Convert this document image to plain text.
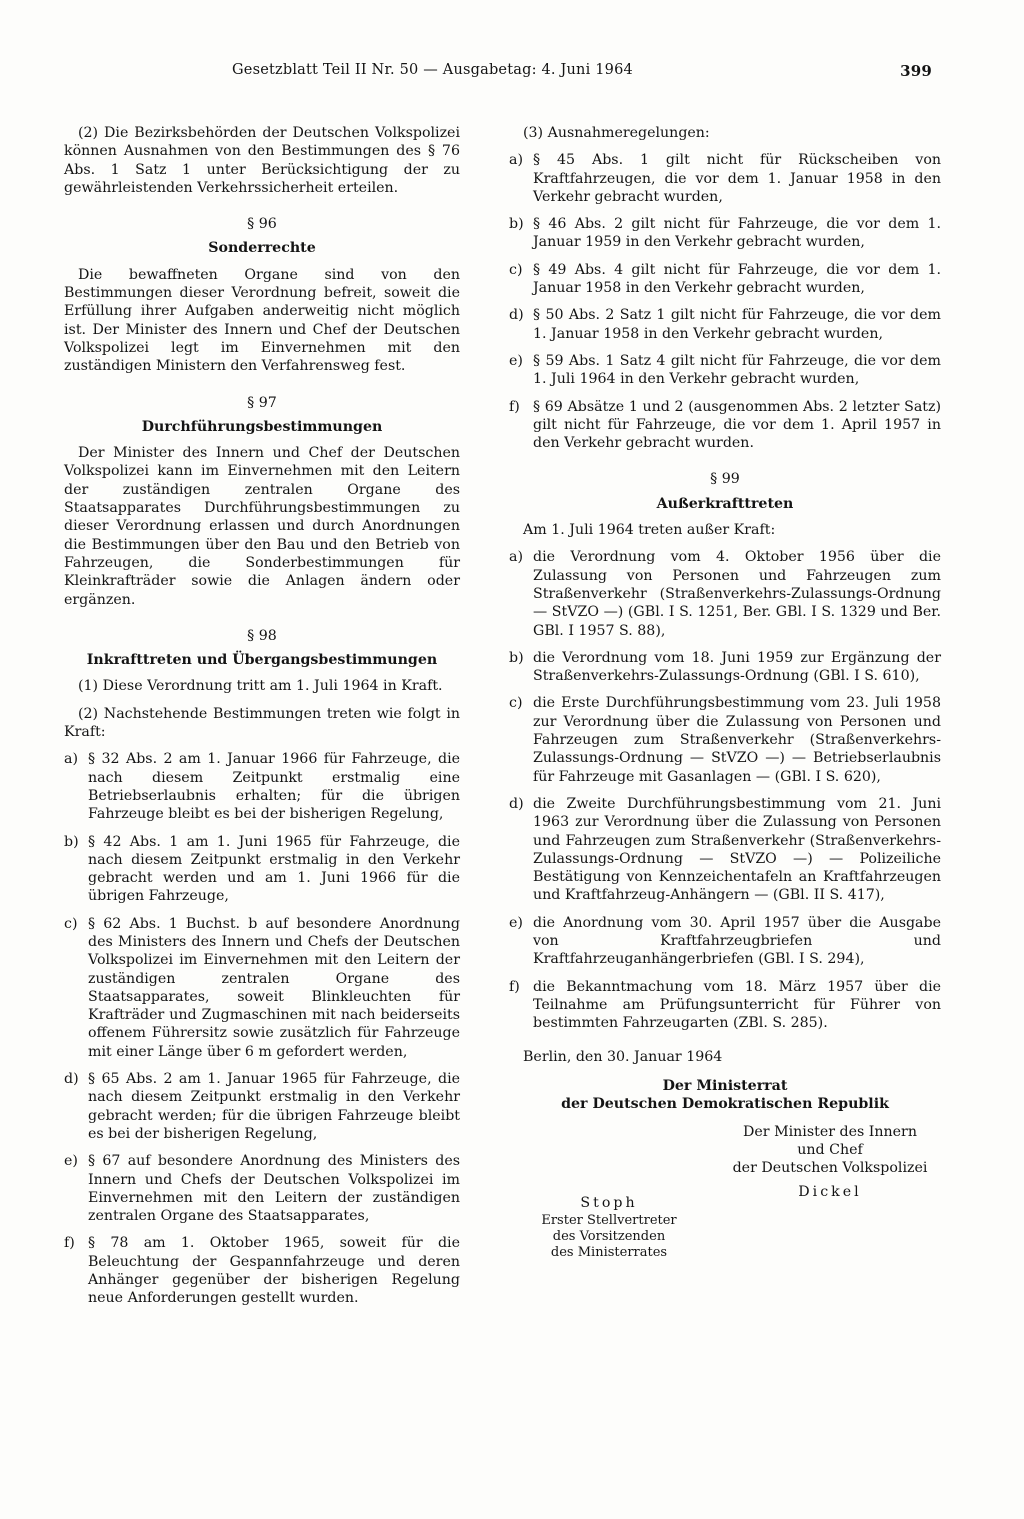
Gesetzblatt Teil II Nr. 50 — Ausgabetag: 4. Juni 1964	399

(2) Die Bezirksbehörden der Deutschen Volkspolizei können Ausnahmen von den Bestimmungen des § 76 Abs. 1 Satz 1 unter Berücksichtigung der zu gewährleistenden Verkehrssicherheit erteilen.

§ 96
Sonderrechte

Die bewaffneten Organe sind von den Bestimmungen dieser Verordnung befreit, soweit die Erfüllung ihrer Aufgaben anderweitig nicht möglich ist. Der Minister des Innern und Chef der Deutschen Volkspolizei legt im Einvernehmen mit den zuständigen Ministern den Verfahrensweg fest.

§ 97
Durchführungsbestimmungen

Der Minister des Innern und Chef der Deutschen Volkspolizei kann im Einvernehmen mit den Leitern der zuständigen zentralen Organe des Staatsapparates Durchführungsbestimmungen zu dieser Verordnung erlassen und durch Anordnungen die Bestimmungen über den Bau und den Betrieb von Fahrzeugen, die Sonderbestimmungen für Kleinkrafträder sowie die Anlagen ändern oder ergänzen.

§ 98
Inkrafttreten und Übergangsbestimmungen

(1) Diese Verordnung tritt am 1. Juli 1964 in Kraft.

(2) Nachstehende Bestimmungen treten wie folgt in Kraft:

a) § 32 Abs. 2 am 1. Januar 1966 für Fahrzeuge, die nach diesem Zeitpunkt erstmalig eine Betriebserlaubnis erhalten; für die übrigen Fahrzeuge bleibt es bei der bisherigen Regelung,
b) § 42 Abs. 1 am 1. Juni 1965 für Fahrzeuge, die nach diesem Zeitpunkt erstmalig in den Verkehr gebracht werden und am 1. Juni 1966 für die übrigen Fahrzeuge,
c) § 62 Abs. 1 Buchst. b auf besondere Anordnung des Ministers des Innern und Chefs der Deutschen Volkspolizei im Einvernehmen mit den Leitern der zuständigen zentralen Organe des Staatsapparates, soweit Blinkleuchten für Krafträder und Zugmaschinen mit nach beiderseits offenem Führersitz sowie zusätzlich für Fahrzeuge mit einer Länge über 6 m gefordert werden,
d) § 65 Abs. 2 am 1. Januar 1965 für Fahrzeuge, die nach diesem Zeitpunkt erstmalig in den Verkehr gebracht werden; für die übrigen Fahrzeuge bleibt es bei der bisherigen Regelung,
e) § 67 auf besondere Anordnung des Ministers des Innern und Chefs der Deutschen Volkspolizei im Einvernehmen mit den Leitern der zuständigen zentralen Organe des Staatsapparates,
f) § 78 am 1. Oktober 1965, soweit für die Beleuchtung der Gespannfahrzeuge und deren Anhänger gegenüber der bisherigen Regelung neue Anforderungen gestellt wurden.

(3) Ausnahmeregelungen:

a) § 45 Abs. 1 gilt nicht für Rückscheiben von Kraftfahrzeugen, die vor dem 1. Januar 1958 in den Verkehr gebracht wurden,
b) § 46 Abs. 2 gilt nicht für Fahrzeuge, die vor dem 1. Januar 1959 in den Verkehr gebracht wurden,
c) § 49 Abs. 4 gilt nicht für Fahrzeuge, die vor dem 1. Januar 1958 in den Verkehr gebracht wurden,
d) § 50 Abs. 2 Satz 1 gilt nicht für Fahrzeuge, die vor dem 1. Januar 1958 in den Verkehr gebracht wurden,
e) § 59 Abs. 1 Satz 4 gilt nicht für Fahrzeuge, die vor dem 1. Juli 1964 in den Verkehr gebracht wurden,
f) § 69 Absätze 1 und 2 (ausgenommen Abs. 2 letzter Satz) gilt nicht für Fahrzeuge, die vor dem 1. April 1957 in den Verkehr gebracht wurden.
§ 99
Außerkrafttreten

Am 1. Juli 1964 treten außer Kraft:

a) die Verordnung vom 4. Oktober 1956 über die Zulassung von Personen und Fahrzeugen zum Straßenverkehr (Straßenverkehrs-Zulassungs-Ordnung — StVZO —) (GBl. I S. 1251, Ber. GBl. I S. 1329 und Ber. GBl. I 1957 S. 88),
b) die Verordnung vom 18. Juni 1959 zur Ergänzung der Straßenverkehrs-Zulassungs-Ordnung (GBl. I S. 610),
c) die Erste Durchführungsbestimmung vom 23. Juli 1958 zur Verordnung über die Zulassung von Personen und Fahrzeugen zum Straßenverkehr (Straßenverkehrs-Zulassungs-Ordnung — StVZO —) — Betriebserlaubnis für Fahrzeuge mit Gasanlagen — (GBl. I S. 620),
d) die Zweite Durchführungsbestimmung vom 21. Juni 1963 zur Verordnung über die Zulassung von Personen und Fahrzeugen zum Straßenverkehr (Straßenverkehrs-Zulassungs-Ordnung — StVZO —) — Polizeiliche Bestätigung von Kennzeichentafeln an Kraftfahrzeugen und Kraftfahrzeug-Anhängern — (GBl. II S. 417),
e) die Anordnung vom 30. April 1957 über die Ausgabe von Kraftfahrzeugbriefen und Kraftfahrzeuganhängerbriefen (GBl. I S. 294),
f) die Bekanntmachung vom 18. März 1957 über die Teilnahme am Prüfungsunterricht für Führer von bestimmten Fahrzeugarten (ZBl. S. 285).

Berlin, den 30. Januar 1964

Der Ministerrat
der Deutschen Demokratischen Republik
Der Minister des Innern
und Chef
der Deutschen Volkspolizei
Dickel
Stoph
Erster Stellvertreter
des Vorsitzenden
des Ministerrates
